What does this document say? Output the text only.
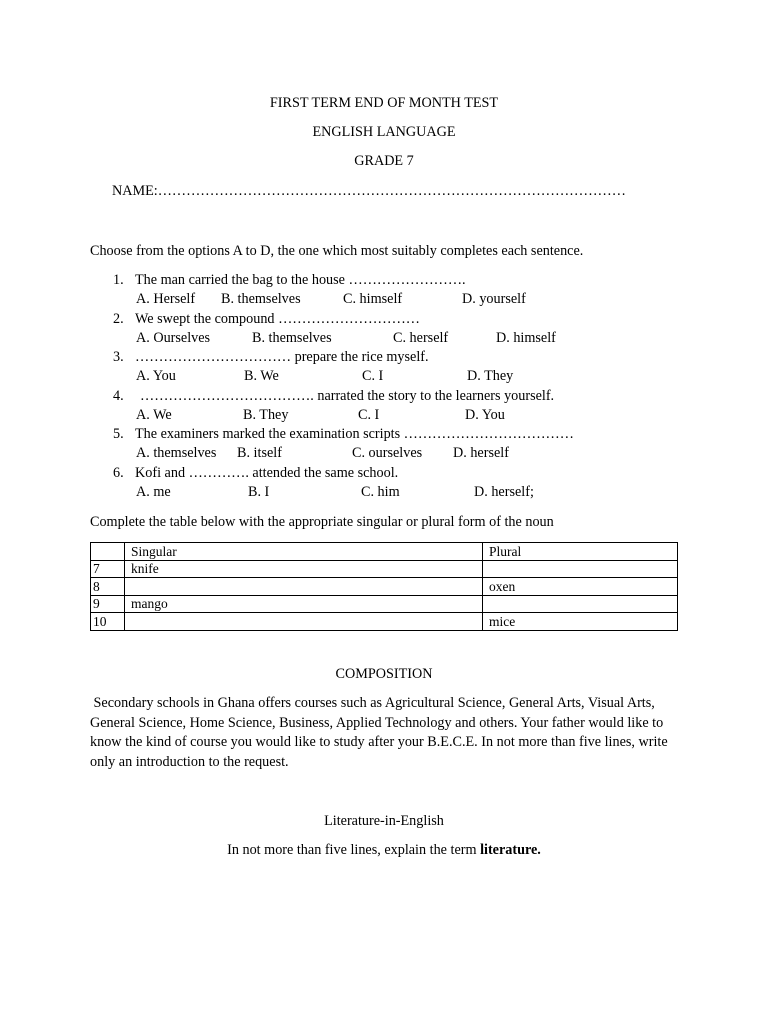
FIRST TERM END OF MONTH TEST
ENGLISH LANGUAGE
GRADE 7
NAME:………………………………………………………………………………………
Choose from the options A to D, the one which most suitably completes each sentence.
1. The man carried the bag to the house …………………….
A. Herself B. themselves	C. himself	D. yourself
2. We swept the compound …………………………
A. Ourselves	B. themselves	C. herself	D. himself
3. …………………………… prepare the rice myself.
A. You	B. We	C. I	D. They
4. ………………………………. narrated the story to the learners yourself.
A. We	B. They	C. I	D. You
5. The examiners marked the examination scripts ………………………………
A. themselves B. itself	C. ourselves D. herself
6. Kofi and …………. attended the same school.
A. me	B. I	C. him	D. herself;
Complete the table below with the appropriate singular or plural form of the noun
	Singular	Plural
7	knife	
8		oxen
9	mango	
10		mice
COMPOSITION
Secondary schools in Ghana offers courses such as Agricultural Science, General Arts, Visual Arts, General Science, Home Science, Business, Applied Technology and others. Your father would like to know the kind of course you would like to study after your B.E.C.E. In not more than five lines, write only an introduction to the request.
Literature-in-English
In not more than five lines, explain the term literature.
